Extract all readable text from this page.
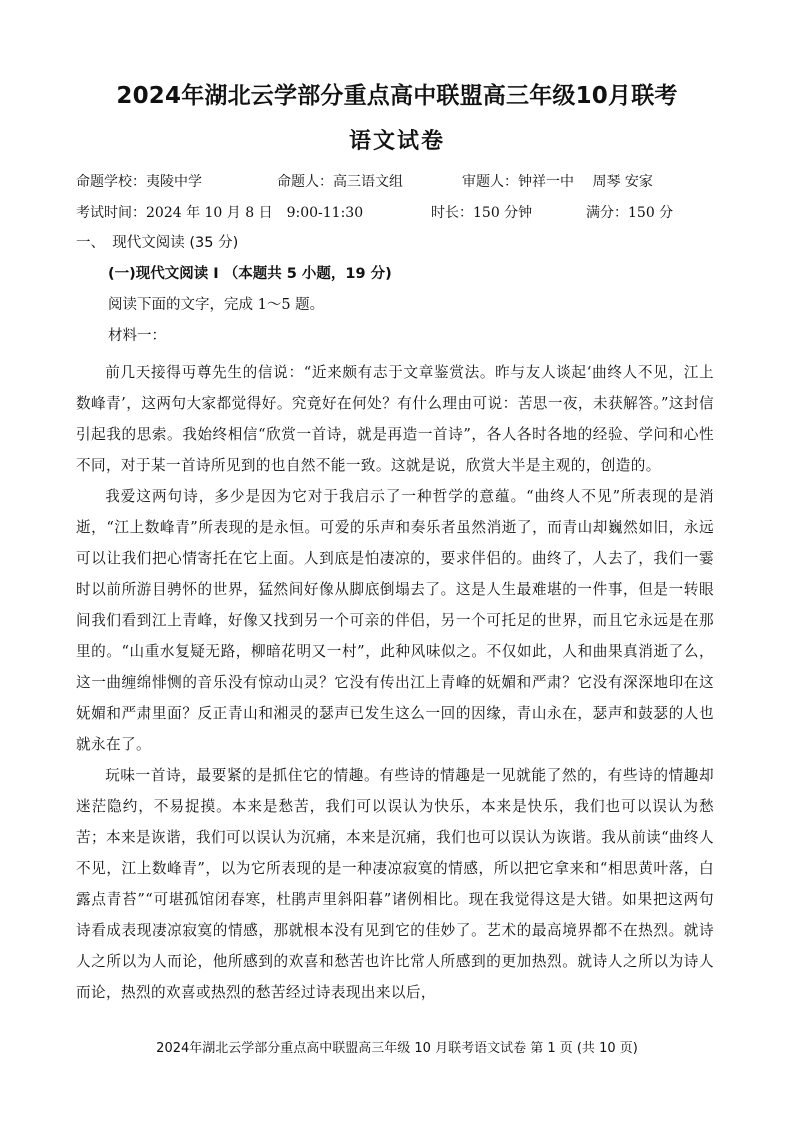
2024年湖北云学部分重点高中联盟高三年级10月联考
语文试卷
命题学校：夷陵中学	命题人：高三语文组	审题人：钟祥一中　 周琴 安家
考试时间：2024 年 10 月 8 日　9:00-11:30	时长：150 分钟	满分：150 分
一、　现代文阅读 (35 分)
(一)现代文阅读 I （本题共 5 小题，19 分)
阅读下面的文字，完成 1～5 题。
材料一：

前几天接得丏尊先生的信说：“近来颇有志于文章鉴赏法。昨与友人谈起‘曲终人不见，江上数峰青’，这两句大家都觉得好。究竟好在何处？有什么理由可说：苦思一夜，未获解答。”这封信引起我的思索。我始终相信“欣赏一首诗，就是再造一首诗”，各人各时各地的经验、学问和心性不同，对于某一首诗所见到的也自然不能一致。这就是说，欣赏大半是主观的，创造的。

我爱这两句诗，多少是因为它对于我启示了一种哲学的意蕴。“曲终人不见”所表现的是消逝，“江上数峰青”所表现的是永恒。可爱的乐声和奏乐者虽然消逝了，而青山却巍然如旧，永远可以让我们把心情寄托在它上面。人到底是怕凄凉的，要求伴侣的。曲终了，人去了，我们一霎时以前所游目骋怀的世界，猛然间好像从脚底倒塌去了。这是人生最难堪的一件事，但是一转眼间我们看到江上青峰，好像又找到另一个可亲的伴侣，另一个可托足的世界，而且它永远是在那里的。“山重水复疑无路，柳暗花明又一村”，此种风味似之。不仅如此，人和曲果真消逝了么，这一曲缠绵悱恻的音乐没有惊动山灵？它没有传出江上青峰的妩媚和严肃？它没有深深地印在这妩媚和严肃里面？反正青山和湘灵的瑟声已发生这么一回的因缘，青山永在，瑟声和鼓瑟的人也就永在了。

玩味一首诗，最要紧的是抓住它的情趣。有些诗的情趣是一见就能了然的，有些诗的情趣却迷茫隐约，不易捉摸。本来是愁苦，我们可以误认为快乐，本来是快乐，我们也可以误认为愁苦；本来是诙谐，我们可以误认为沉痛，本来是沉痛，我们也可以误认为诙谐。我从前读“曲终人不见，江上数峰青”，以为它所表现的是一种凄凉寂寞的情感，所以把它拿来和“相思黄叶落，白露点青苔”“可堪孤馆闭春寒，杜鹃声里斜阳暮”诸例相比。现在我觉得这是大错。如果把这两句诗看成表现凄凉寂寞的情感，那就根本没有见到它的佳妙了。艺术的最高境界都不在热烈。就诗人之所以为人而论，他所感到的欢喜和愁苦也许比常人所感到的更加热烈。就诗人之所以为诗人而论，热烈的欢喜或热烈的愁苦经过诗表现出来以后，

2024年湖北云学部分重点高中联盟高三年级 10 月联考语文试卷 第 1 页 (共 10 页)
